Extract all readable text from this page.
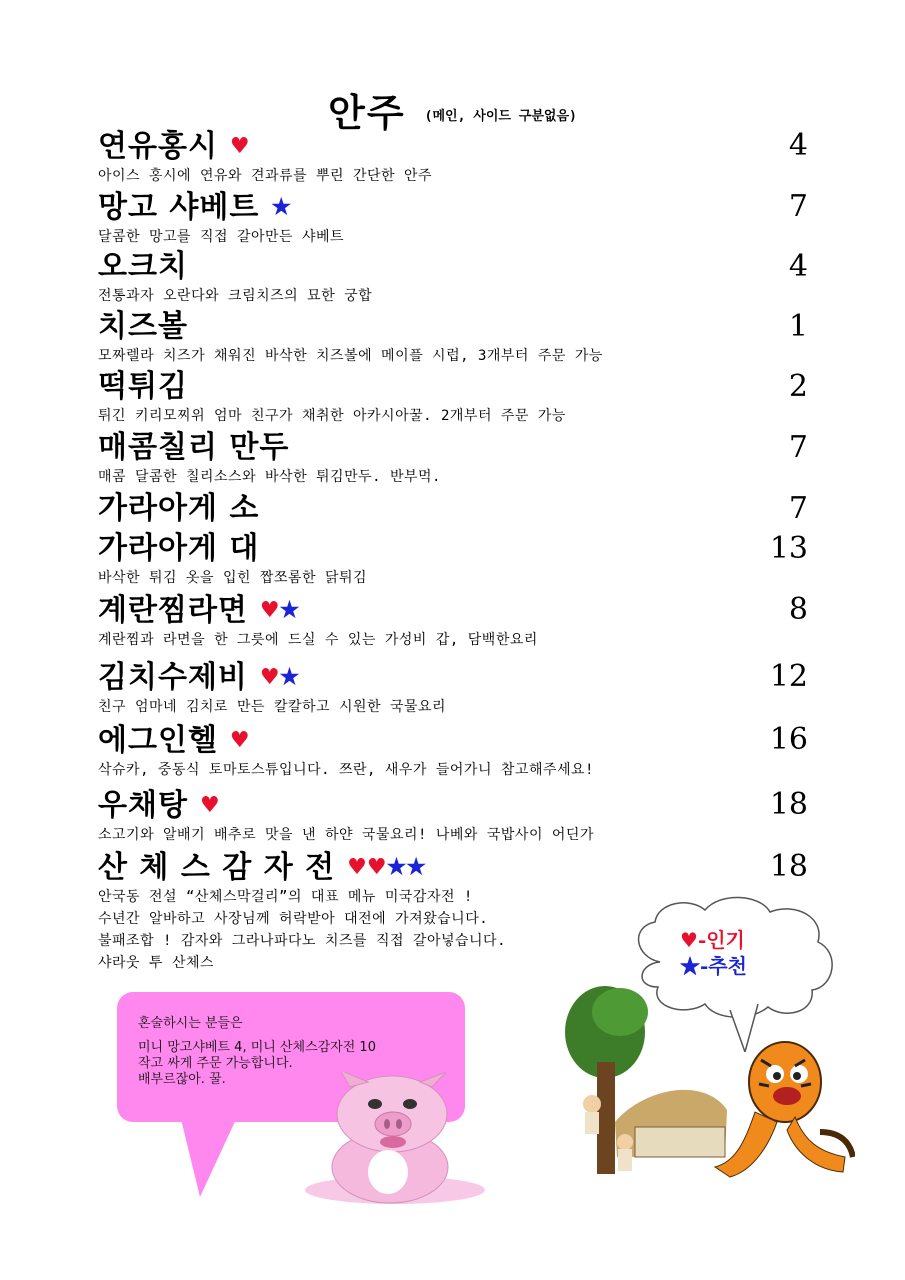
안주 $^{(메인, 사이드 구분없음)}$
연유홍시 ♥	4
아이스 홍시에 연유와 견과류를 뿌린 간단한 안주
망고 샤베트 ★	7
달콤한 망고를 직접 갈아만든 샤베트
오크치	4
전통과자 오란다와 크림치즈의 묘한 궁합
치즈볼	1
모짜렐라 치즈가 채워진 바삭한 치즈볼에 메이플 시럽, 3개부터 주문 가능
떡튀김	2
튀긴 키리모찌위 엄마 친구가 채취한 아카시아꿀. 2개부터 주문 가능
매콤칠리 만두	7
매콤 달콤한 칠리소스와 바삭한 튀김만두. 반부먹.
가라아게 소	7
가라아게 대	13
바삭한 튀김 옷을 입힌 짭쪼롬한 닭튀김
계란찜라면 ♥★	8
계란찜과 라면을 한 그릇에 드실 수 있는 가성비 갑, 담백한요리
김치수제비 ♥★	12
친구 엄마네 김치로 만든 칼칼하고 시원한 국물요리
에그인헬 ♥	16
삭슈카, 중동식 토마토스튜입니다. 쯔란, 새우가 들어가니 참고해주세요!
우채탕 ♥	18
소고기와 알배기 배추로 맛을 낸 하얀 국물요리! 나베와 국밥사이 어딘가
산 체 스 감 자 전 ♥♥★★	18
안국동 전설 “산체스막걸리”의 대표 메뉴 미국감자전 !
수년간 알바하고 사장님께 허락받아 대전에 가져왔습니다.
불패조합 ! 감자와 그라나파다노 치즈를 직접 갈아넣습니다.
샤라웃 투 산체스
♥-인기
★-추천

혼술하시는 분들은

미니 망고샤베트 4, 미니 산체스감자전 10
작고 싸게 주문 가능합니다.
배부르잖아. 꿀.
